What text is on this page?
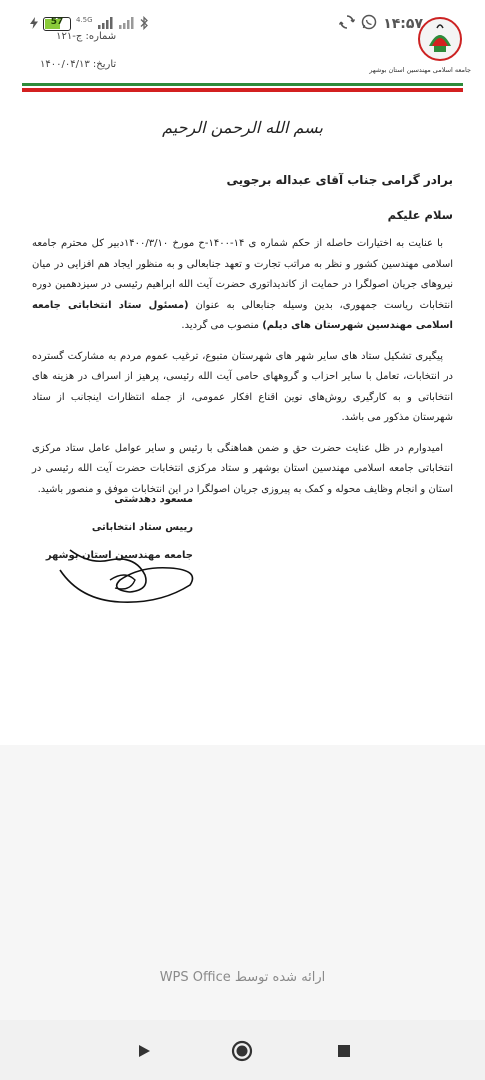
57	4.5G	۱۴:۵۷
جامعه اسلامی مهندسین استان بوشهر
شماره: ج-۱۲۱
تاریخ: ۱۴۰۰/۰۴/۱۳
بسم الله الرحمن الرحیم
برادر گرامی جناب آقای عبداله برجویی
سلام علیکم

با عنایت به اختیارات حاصله از حکم شماره ی ۱۴-۱۴۰۰-ح مورخ ۱۴۰۰/۳/۱۰دبیر کل محترم جامعه اسلامی مهندسین کشور و نظر به مراتب تجارت و تعهد جنابعالی و به منظور ایجاد هم افزایی در میان نیروهای جریان اصولگرا در حمایت از کاندیداتوری حضرت آیت الله ابراهیم رئیسی در سیزدهمین دوره انتخابات ریاست جمهوری، بدین وسیله جنابعالی به عنوان (مسئول ستاد انتخاباتی جامعه اسلامی مهندسین شهرستان های دیلم) منصوب می گردید.

پیگیری تشکیل ستاد های سایر شهر های شهرستان متبوع، ترغیب عموم مردم به مشارکت گسترده در انتخابات، تعامل با سایر احزاب و گروههای حامی آیت الله رئیسی، پرهیز از اسراف در هزینه های انتخاباتی و به کارگیری روش‌های نوین اقناع افکار عمومی، از جمله انتظارات اینجانب از ستاد شهرستان مذکور می باشد.

امیدوارم در ظل عنایت حضرت حق و ضمن هماهنگی با رئیس و سایر عوامل عامل ستاد مرکزی انتخاباتی جامعه اسلامی مهندسین استان بوشهر و ستاد مرکزی انتخابات حضرت آیت الله رئیسی در استان و انجام وظایف محوله و کمک به پیروزی جریان اصولگرا در این انتخابات موفق و منصور باشید.

مسعود دهدشتی
رییس ستاد انتخاباتی
جامعه مهندسین استان بوشهر
ارائه شده توسط WPS Office
